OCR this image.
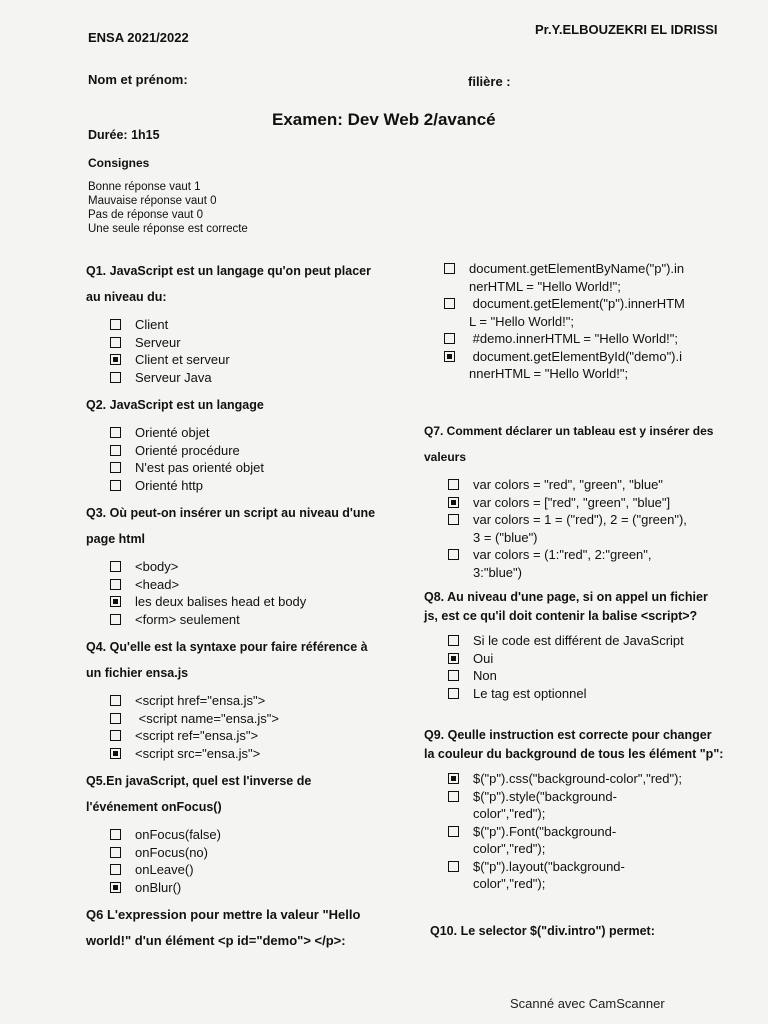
ENSA 2021/2022
Pr.Y.ELBOUZEKRI EL IDRISSI
Nom et prénom:	filière :
Examen: Dev Web 2/avancé
Durée: 1h15
Consignes
Bonne réponse vaut 1
Mauvaise réponse vaut 0
Pas de réponse vaut 0
Une seule réponse est correcte
Q1. JavaScript est un langage qu'on peut placer au niveau du:
Client
Serveur
Client et serveur
Serveur Java
Q2. JavaScript est un langage
Orienté objet
Orienté procédure
N'est pas orienté objet
Orienté http
Q3. Où peut-on insérer un script au niveau d'une page html
<body>
<head>
les deux balises head et body
<form> seulement
Q4. Qu'elle est la syntaxe pour faire référence à un fichier ensa.js
<script href="ensa.js">
<script name="ensa.js">
<script ref="ensa.js">
<script src="ensa.js">
Q5.En javaScript, quel est l'inverse de l'événement onFocus()
onFocus(false)
onFocus(no)
onLeave()
onBlur()
Q6 L'expression pour mettre la valeur "Hello world!" d'un élément <p id="demo"> </p>:
document.getElementByName("p").in
nerHTML = "Hello World!";
document.getElement("p").innerHTM
L = "Hello World!";
#demo.innerHTML = "Hello World!";
document.getElementById("demo").i
nnerHTML = "Hello World!";
Q7. Comment déclarer un tableau est y insérer des valeurs
var colors = "red", "green", "blue"
var colors = ["red", "green", "blue"]
var colors = 1 = ("red"), 2 = ("green"),
3 = ("blue")
var colors = (1:"red", 2:"green",
3:"blue")
Q8. Au niveau d'une page, si on appel un fichier js, est ce qu'il doit contenir la balise <script>?
Si le code est différent de JavaScript
Oui
Non
Le tag est optionnel
Q9. Qeulle instruction est correcte pour changer la couleur du background de tous les élément "p":
$("p").css("background-color","red");
$("p").style("background-
color","red");
$("p").Font("background-
color","red");
$("p").layout("background-
color","red");
Q10. Le selector $("div.intro") permet:
Scanné avec CamScanner
